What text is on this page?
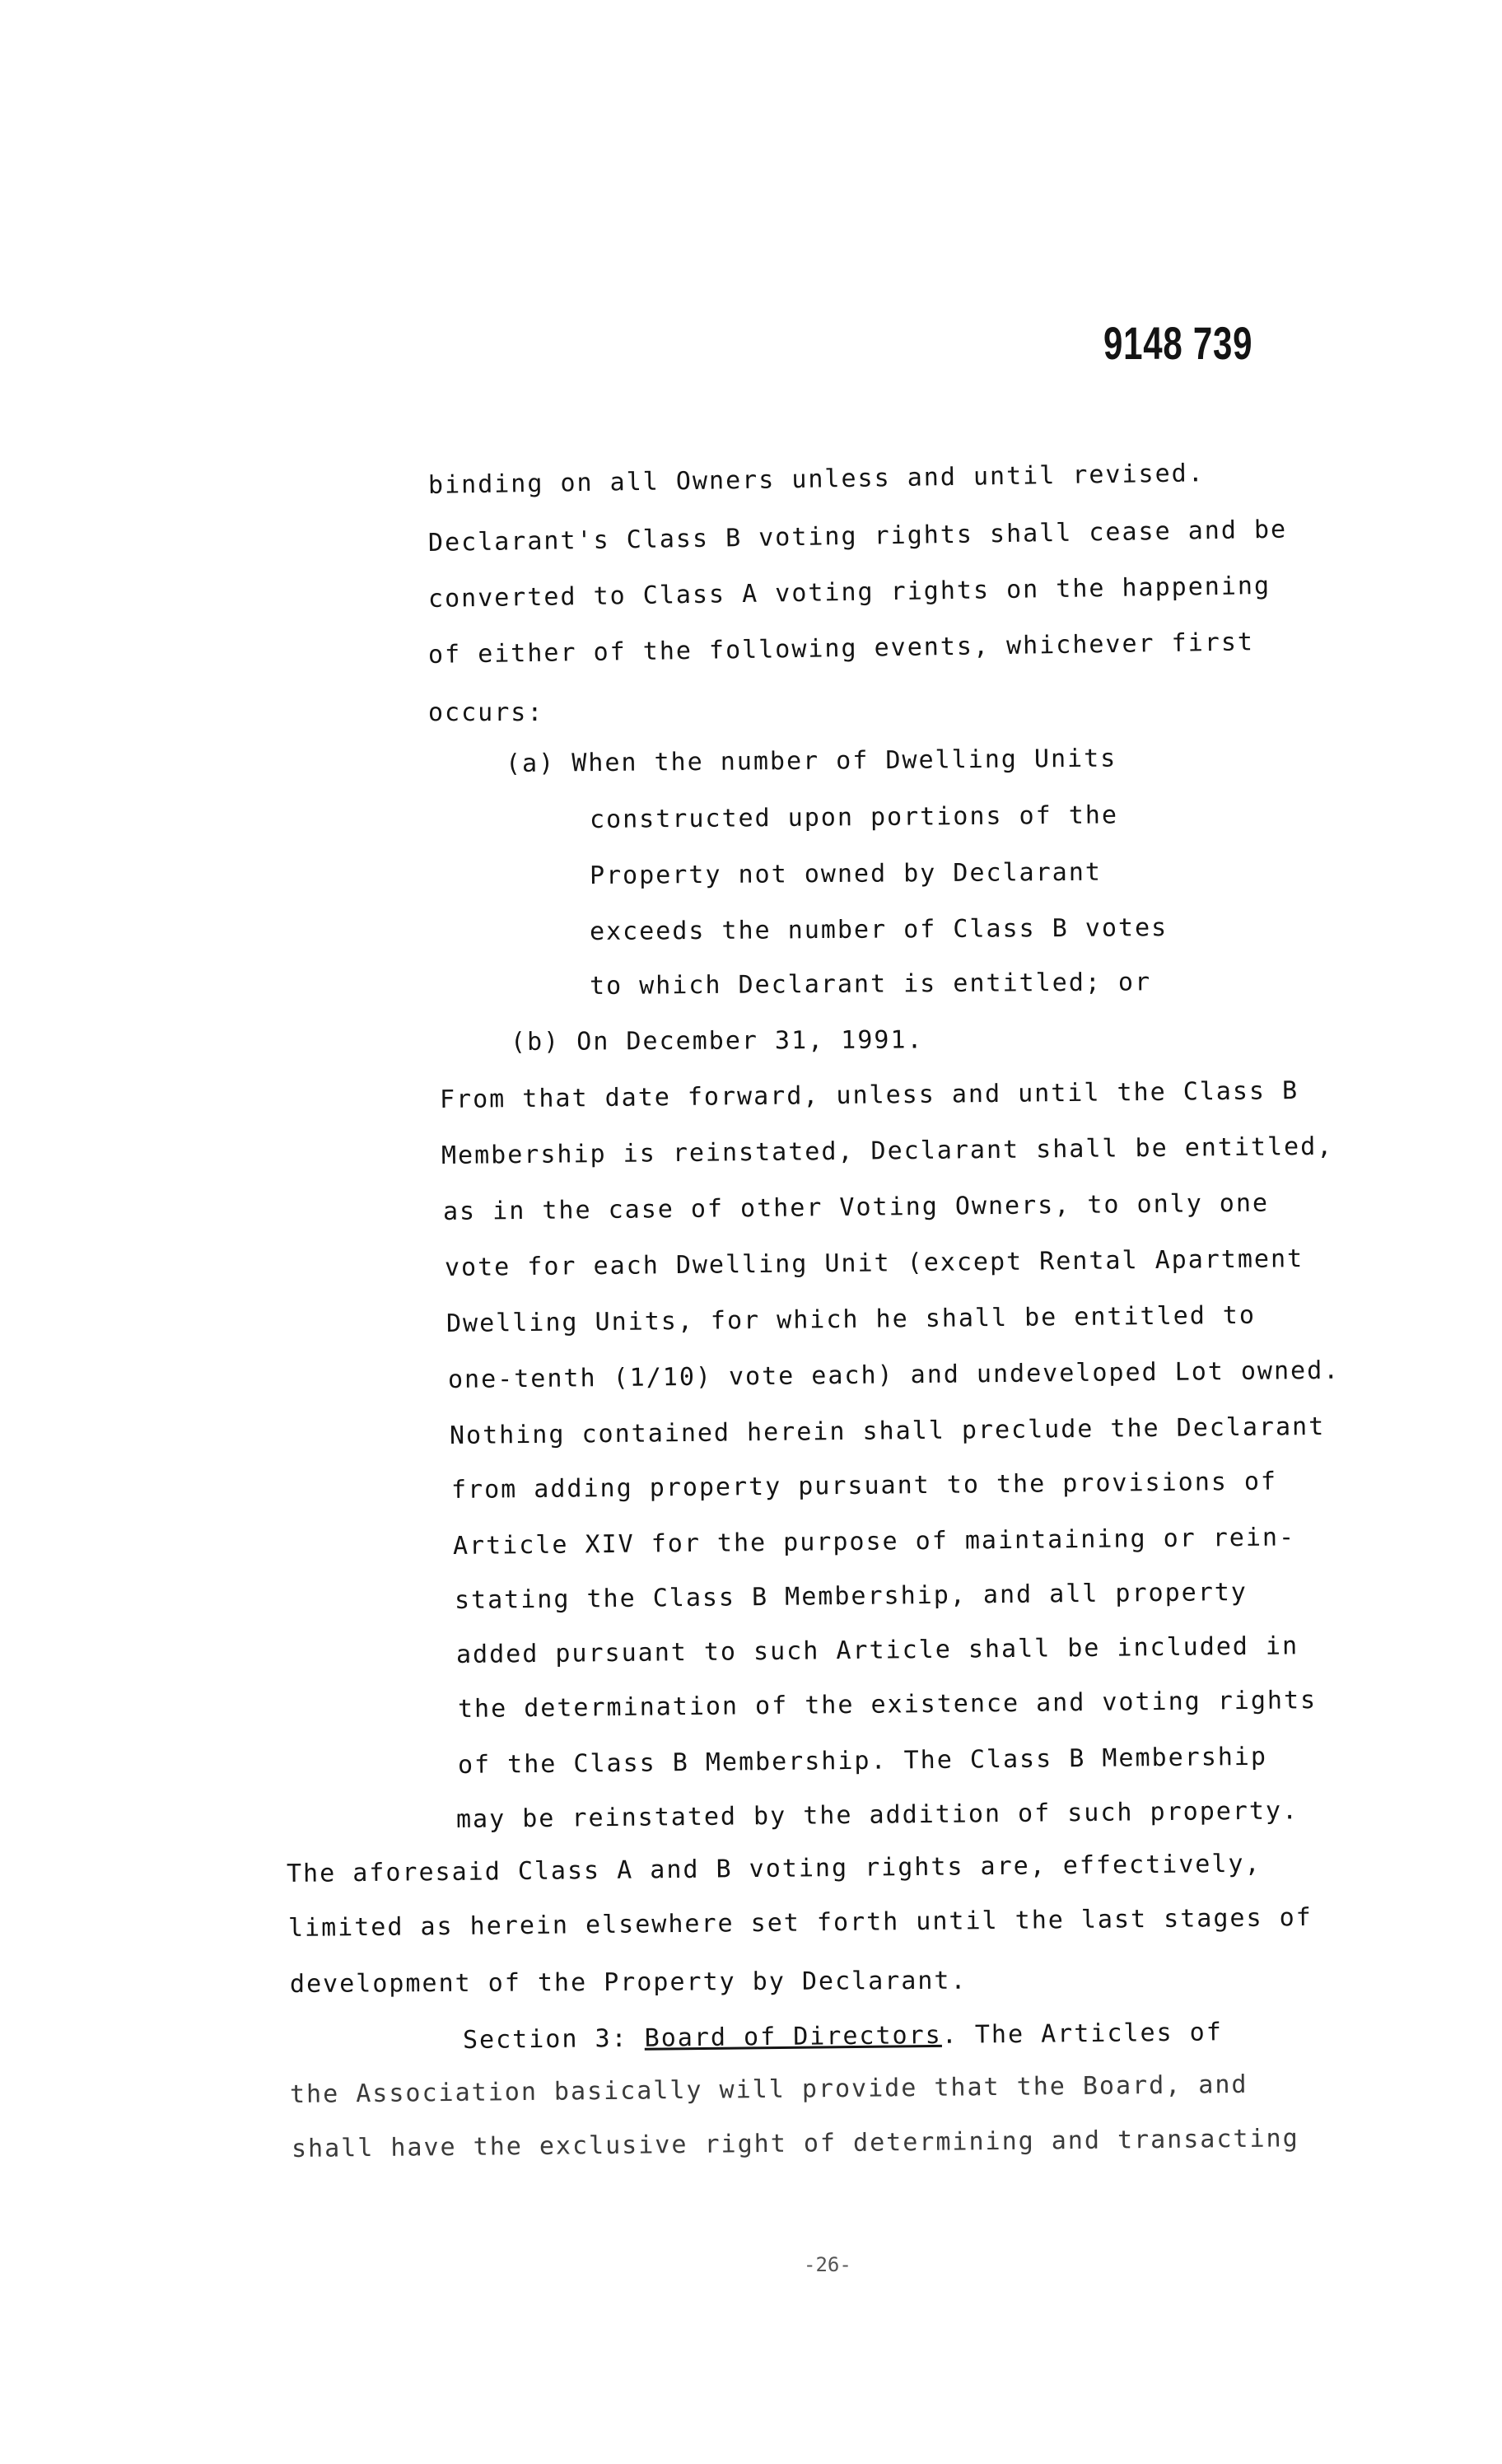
9148 739
binding on all Owners unless and until revised.
Declarant's Class B voting rights shall cease and be
converted to Class A voting rights on the happening
of either of the following events, whichever first
occurs:
(a) When the number of Dwelling Units
constructed upon portions of the
Property not owned by Declarant
exceeds the number of Class B votes
to which Declarant is entitled; or
(b) On December 31, 1991.
From that date forward, unless and until the Class B
Membership is reinstated, Declarant shall be entitled,
as in the case of other Voting Owners, to only one
vote for each Dwelling Unit (except Rental Apartment
Dwelling Units, for which he shall be entitled to
one-tenth (1/10) vote each) and undeveloped Lot owned.
Nothing contained herein shall preclude the Declarant
from adding property pursuant to the provisions of
Article XIV for the purpose of maintaining or rein-
stating the Class B Membership, and all property
added pursuant to such Article shall be included in
the determination of the existence and voting rights
of the Class B Membership. The Class B Membership
may be reinstated by the addition of such property.
The aforesaid Class A and B voting rights are, effectively,
limited as herein elsewhere set forth until the last stages of
development of the Property by Declarant.
Section 3: Board of Directors. The Articles of
the Association basically will provide that the Board, and
shall have the exclusive right of determining and transacting
-26-
